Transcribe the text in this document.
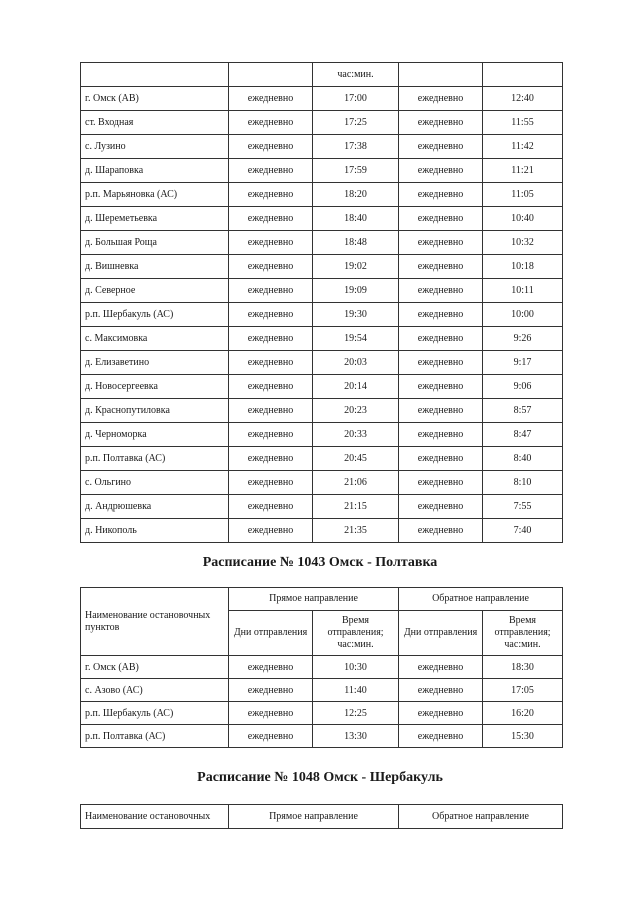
		час:мин.		
г. Омск (АВ)	ежедневно	17:00	ежедневно	12:40
ст. Входная	ежедневно	17:25	ежедневно	11:55
с. Лузино	ежедневно	17:38	ежедневно	11:42
д. Шараповка	ежедневно	17:59	ежедневно	11:21
р.п. Марьяновка (АС)	ежедневно	18:20	ежедневно	11:05
д. Шереметьевка	ежедневно	18:40	ежедневно	10:40
д. Большая Роща	ежедневно	18:48	ежедневно	10:32
д. Вишневка	ежедневно	19:02	ежедневно	10:18
д. Северное	ежедневно	19:09	ежедневно	10:11
р.п. Шербакуль (АС)	ежедневно	19:30	ежедневно	10:00
с. Максимовка	ежедневно	19:54	ежедневно	9:26
д. Елизаветино	ежедневно	20:03	ежедневно	9:17
д. Новосергеевка	ежедневно	20:14	ежедневно	9:06
д. Краснопутиловка	ежедневно	20:23	ежедневно	8:57
д. Черноморка	ежедневно	20:33	ежедневно	8:47
р.п. Полтавка (АС)	ежедневно	20:45	ежедневно	8:40
с. Ольгино	ежедневно	21:06	ежедневно	8:10
д. Андрюшевка	ежедневно	21:15	ежедневно	7:55
д. Никополь	ежедневно	21:35	ежедневно	7:40
Расписание № 1043 Омск - Полтавка
Наименование остановочных пунктов	Прямое направление		Обратное направление	
	Дни отправления	Время отправления; час:мин.	Дни отправления	Время отправления; час:мин.
г. Омск (АВ)	ежедневно	10:30	ежедневно	18:30
с. Азово (АС)	ежедневно	11:40	ежедневно	17:05
р.п. Шербакуль (АС)	ежедневно	12:25	ежедневно	16:20
р.п. Полтавка (АС)	ежедневно	13:30	ежедневно	15:30
Расписание № 1048 Омск - Шербакуль
Наименование остановочных	Прямое направление	Обратное направление
